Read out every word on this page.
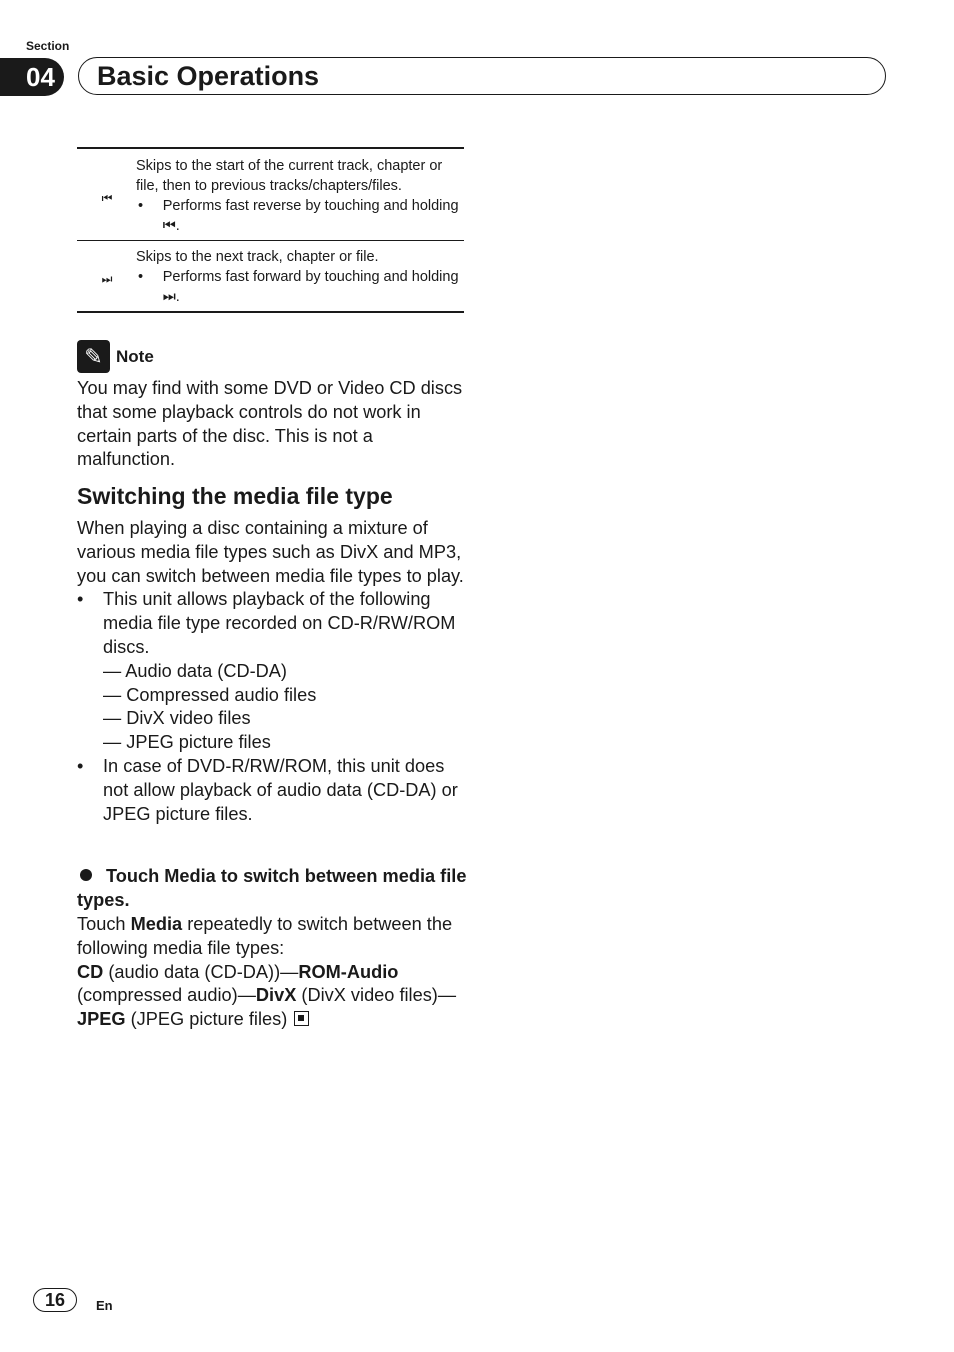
Section
04	Basic Operations
⏮
Skips to the start of the current track, chapter or file, then to previous tracks/chapters/files.
•	Performs fast reverse by touching and holding ⏮.
⏭
Skips to the next track, chapter or file.
•	Performs fast forward by touching and holding ⏭.
✎ Note
You may find with some DVD or Video CD discs that some playback controls do not work in certain parts of the disc. This is not a malfunction.
Switching the media file type
When playing a disc containing a mixture of various media file types such as DivX and MP3, you can switch between media file types to play.
•	This unit allows playback of the following media file type recorded on CD-R/RW/ROM discs.
— Audio data (CD-DA)
— Compressed audio files
— DivX video files
— JPEG picture files
•	In case of DVD-R/RW/ROM, this unit does not allow playback of audio data (CD-DA) or JPEG picture files.
Touch Media to switch between media file types.
Touch Media repeatedly to switch between the following media file types:
CD (audio data (CD-DA))—ROM-Audio (compressed audio)—DivX (DivX video files)—JPEG (JPEG picture files)
16	En
